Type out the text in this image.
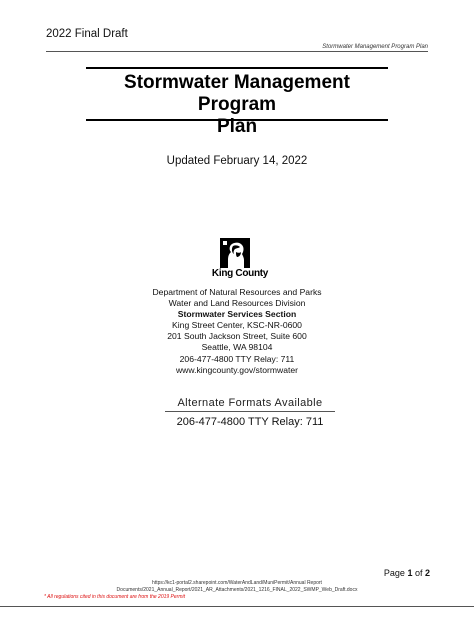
2022 Final Draft
Stormwater Management Program Plan
Stormwater Management Program
Plan
Updated February 14, 2022
King County
Department of Natural Resources and Parks
Water and Land Resources Division
Stormwater Services Section
King Street Center, KSC-NR-0600
201 South Jackson Street, Suite 600
Seattle, WA 98104
206-477-4800 TTY Relay: 711
www.kingcounty.gov/stormwater
Alternate Formats Available
206-477-4800 TTY Relay: 711
Page 1 of 2
https://kc1-portal2.sharepoint.com/WaterAndLand/MuniPermit/Annual Report
Documents/2021_Annual_Report/2021_AR_Attachments/2021_1216_FINAL_2022_SWMP_Web_Draft.docx
* All regulations cited in this document are from the 2019 Permit
